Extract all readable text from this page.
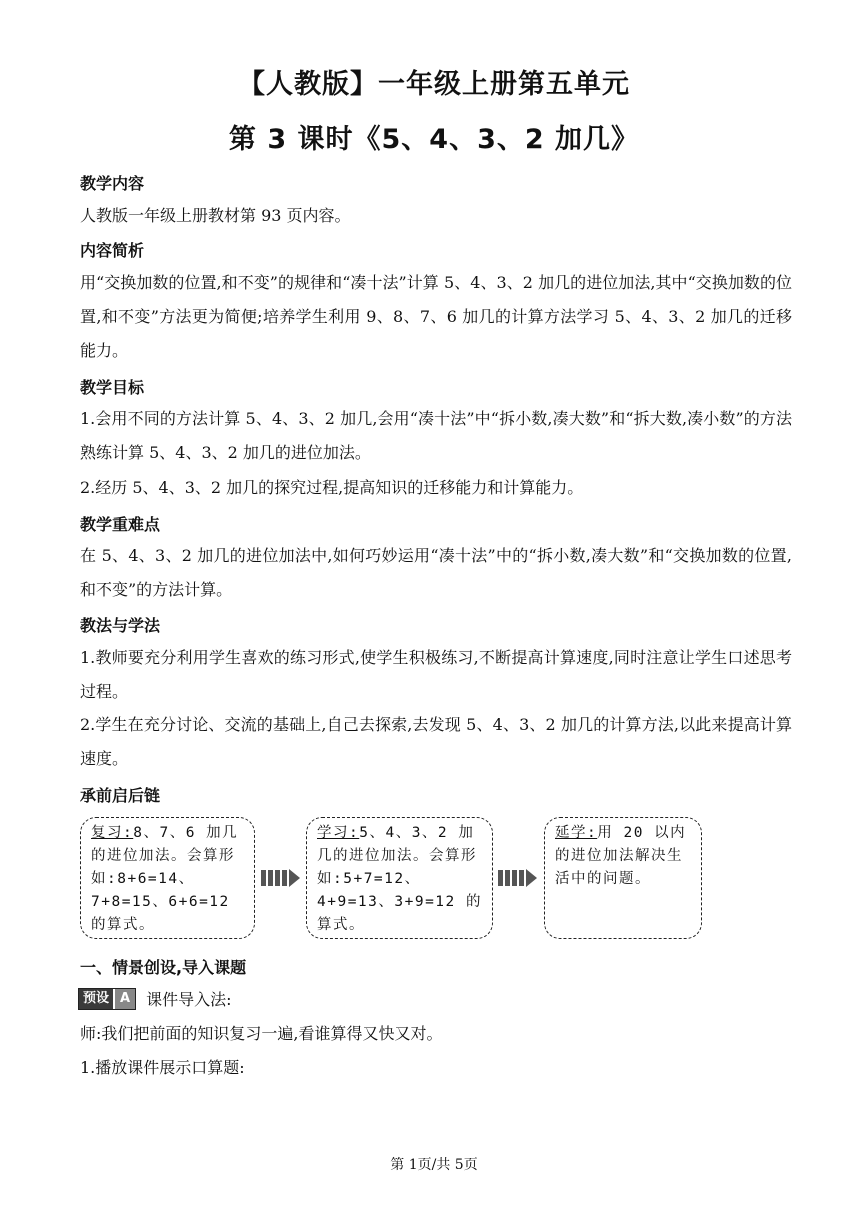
【人教版】一年级上册第五单元
第 3 课时《5、4、3、2 加几》
教学内容
人教版一年级上册教材第 93 页内容。
内容简析
用“交换加数的位置,和不变”的规律和“凑十法”计算 5、4、3、2 加几的进位加法,其中“交换加数的位置,和不变”方法更为简便;培养学生利用 9、8、7、6 加几的计算方法学习 5、4、3、2 加几的迁移能力。
教学目标
1.会用不同的方法计算 5、4、3、2 加几,会用“凑十法”中“拆小数,凑大数”和“拆大数,凑小数”的方法熟练计算 5、4、3、2 加几的进位加法。
2.经历 5、4、3、2 加几的探究过程,提高知识的迁移能力和计算能力。
教学重难点
在 5、4、3、2 加几的进位加法中,如何巧妙运用“凑十法”中的“拆小数,凑大数”和“交换加数的位置,和不变”的方法计算。
教法与学法
1.教师要充分利用学生喜欢的练习形式,使学生积极练习,不断提高计算速度,同时注意让学生口述思考过程。
2.学生在充分讨论、交流的基础上,自己去探索,去发现 5、4、3、2 加几的计算方法,以此来提高计算速度。
承前启后链
复习:8、7、6 加几的进位加法。会算形如:8+6=14、7+8=15、6+6=12 的算式。
学习:5、4、3、2 加几的进位加法。会算形如:5+7=12、4+9=13、3+9=12 的算式。
延学:用 20 以内的进位加法解决生活中的问题。
一、情景创设,导入课题
预设 A	课件导入法:
师:我们把前面的知识复习一遍,看谁算得又快又对。
1.播放课件展示口算题:
第 1页/共 5页
